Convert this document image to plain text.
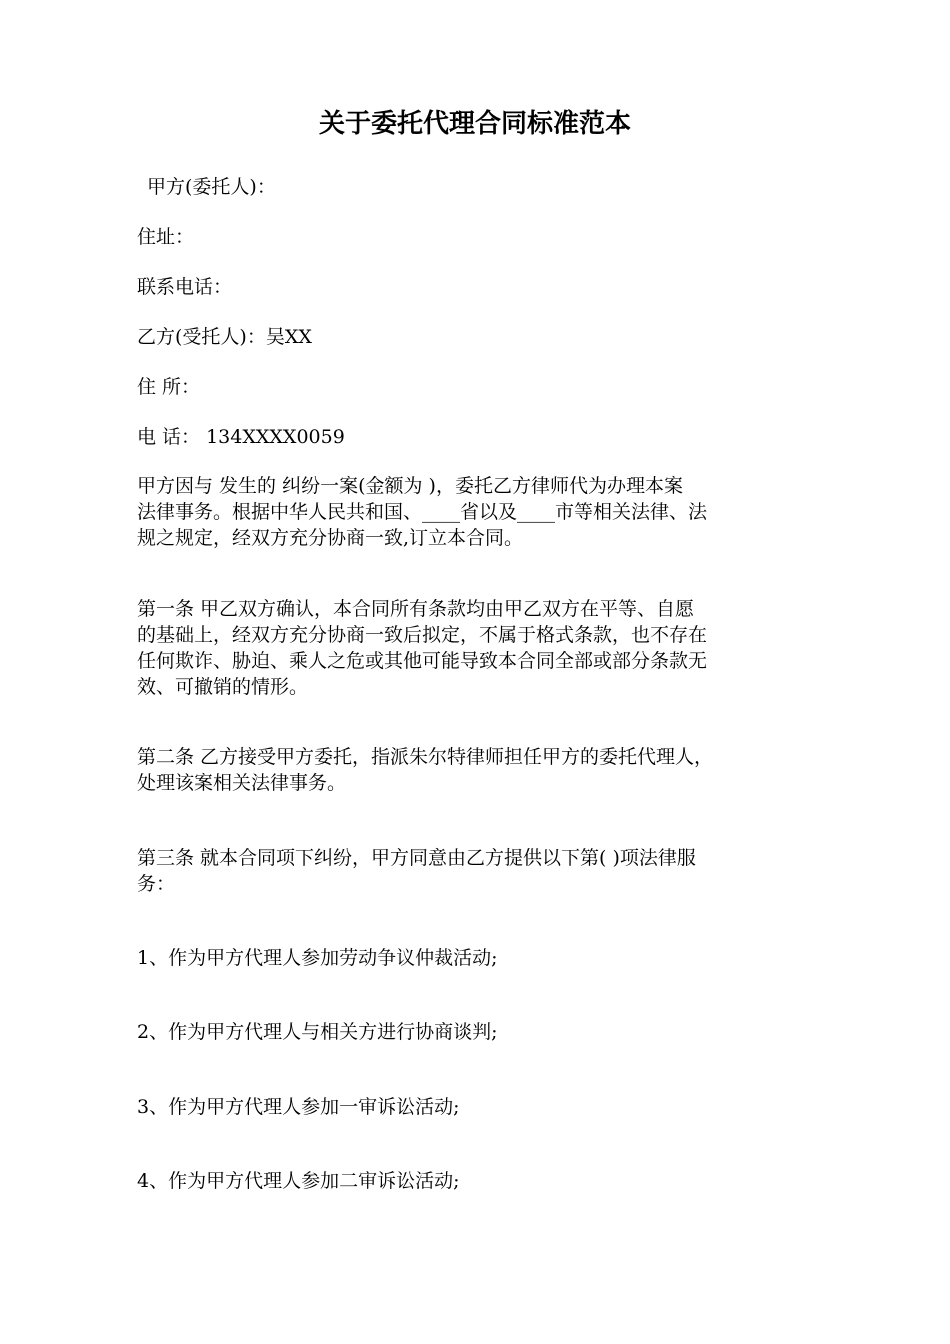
关于委托代理合同标准范本
甲方(委托人)：
住址：
联系电话：
乙方(受托人)：吴XX
住 所：
电 话： 134XXXX0059
甲方因与 发生的 纠纷一案(金额为 )，委托乙方律师代为办理本案
法律事务。根据中华人民共和国、____省以及____市等相关法律、法
规之规定，经双方充分协商一致,订立本合同。
第一条 甲乙双方确认，本合同所有条款均由甲乙双方在平等、自愿
的基础上，经双方充分协商一致后拟定，不属于格式条款，也不存在
任何欺诈、胁迫、乘人之危或其他可能导致本合同全部或部分条款无
效、可撤销的情形。
第二条 乙方接受甲方委托，指派朱尔特律师担任甲方的委托代理人，
处理该案相关法律事务。
第三条 就本合同项下纠纷，甲方同意由乙方提供以下第( )项法律服
务：
1、作为甲方代理人参加劳动争议仲裁活动;
2、作为甲方代理人与相关方进行协商谈判;
3、作为甲方代理人参加一审诉讼活动;
4、作为甲方代理人参加二审诉讼活动;
